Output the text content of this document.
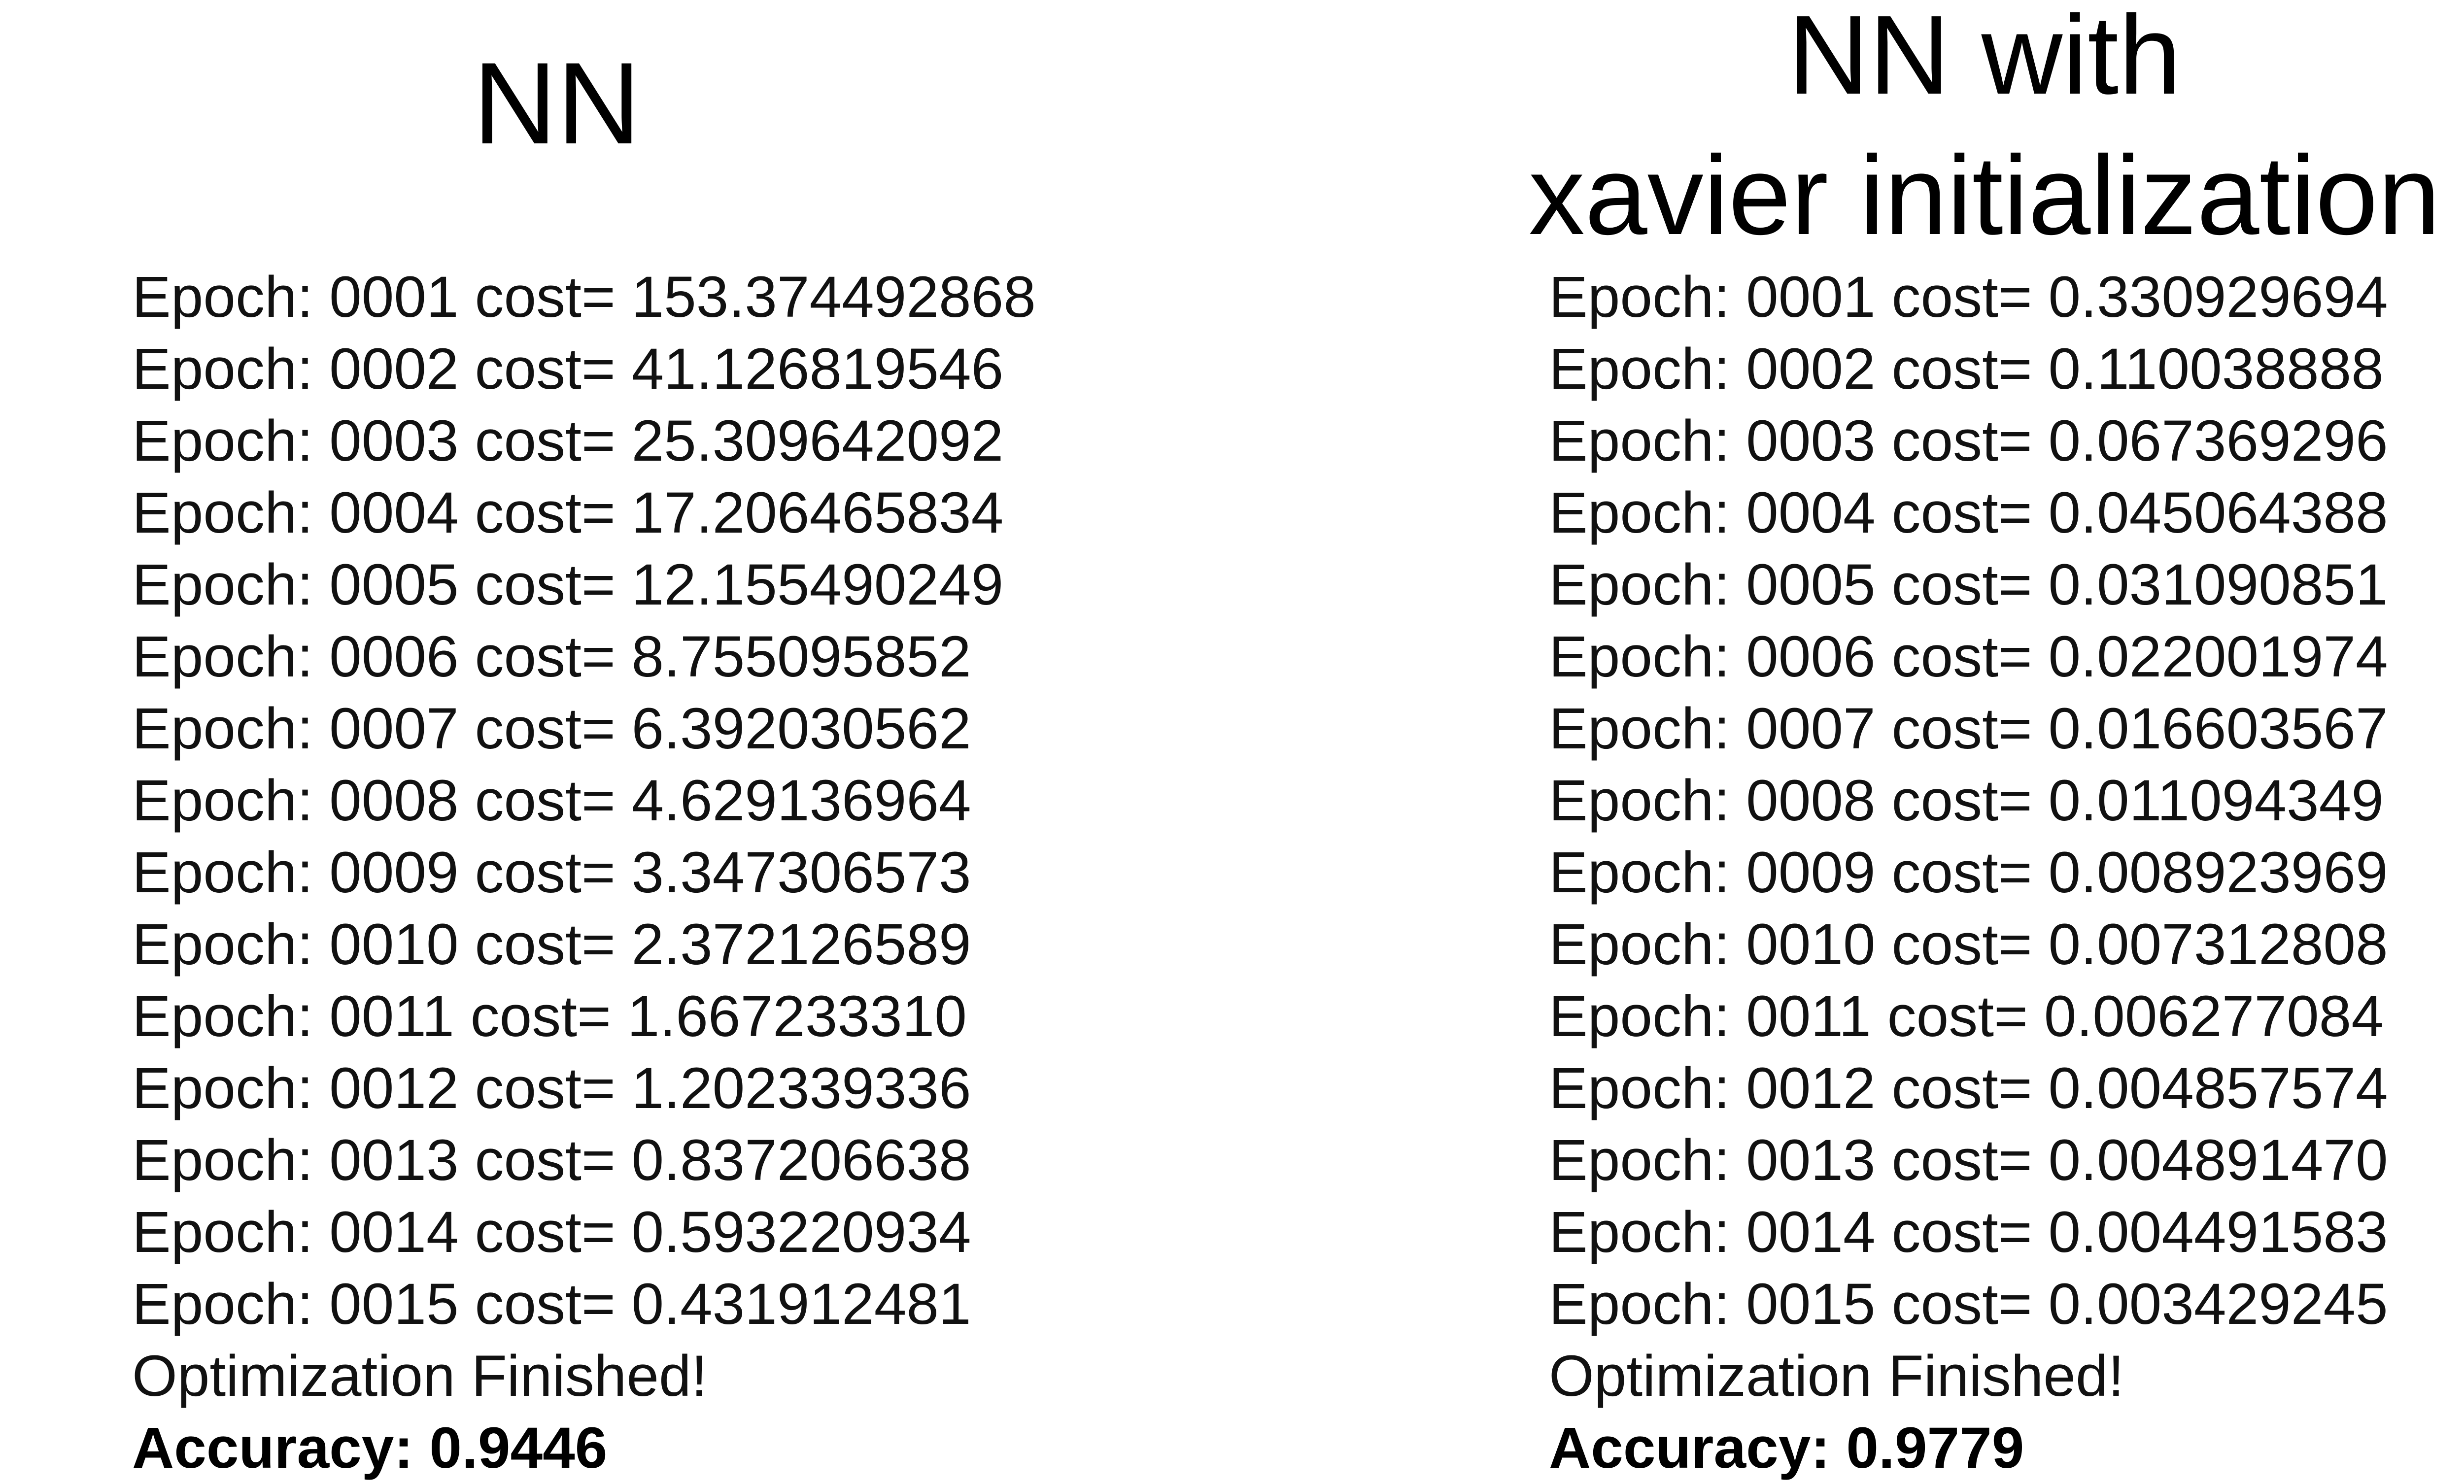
NN
Epoch: 0001 cost= 153.374492868
Epoch: 0002 cost= 41.126819546
Epoch: 0003 cost= 25.309642092
Epoch: 0004 cost= 17.206465834
Epoch: 0005 cost= 12.155490249
Epoch: 0006 cost= 8.755095852
Epoch: 0007 cost= 6.392030562
Epoch: 0008 cost= 4.629136964
Epoch: 0009 cost= 3.347306573
Epoch: 0010 cost= 2.372126589
Epoch: 0011 cost= 1.667233310
Epoch: 0012 cost= 1.202339336
Epoch: 0013 cost= 0.837206638
Epoch: 0014 cost= 0.593220934
Epoch: 0015 cost= 0.431912481
Optimization Finished!
Accuracy: 0.9446
NN with
xavier initialization
Epoch: 0001 cost= 0.330929694
Epoch: 0002 cost= 0.110038888
Epoch: 0003 cost= 0.067369296
Epoch: 0004 cost= 0.045064388
Epoch: 0005 cost= 0.031090851
Epoch: 0006 cost= 0.022001974
Epoch: 0007 cost= 0.016603567
Epoch: 0008 cost= 0.011094349
Epoch: 0009 cost= 0.008923969
Epoch: 0010 cost= 0.007312808
Epoch: 0011 cost= 0.006277084
Epoch: 0012 cost= 0.004857574
Epoch: 0013 cost= 0.004891470
Epoch: 0014 cost= 0.004491583
Epoch: 0015 cost= 0.003429245
Optimization Finished!
Accuracy: 0.9779
